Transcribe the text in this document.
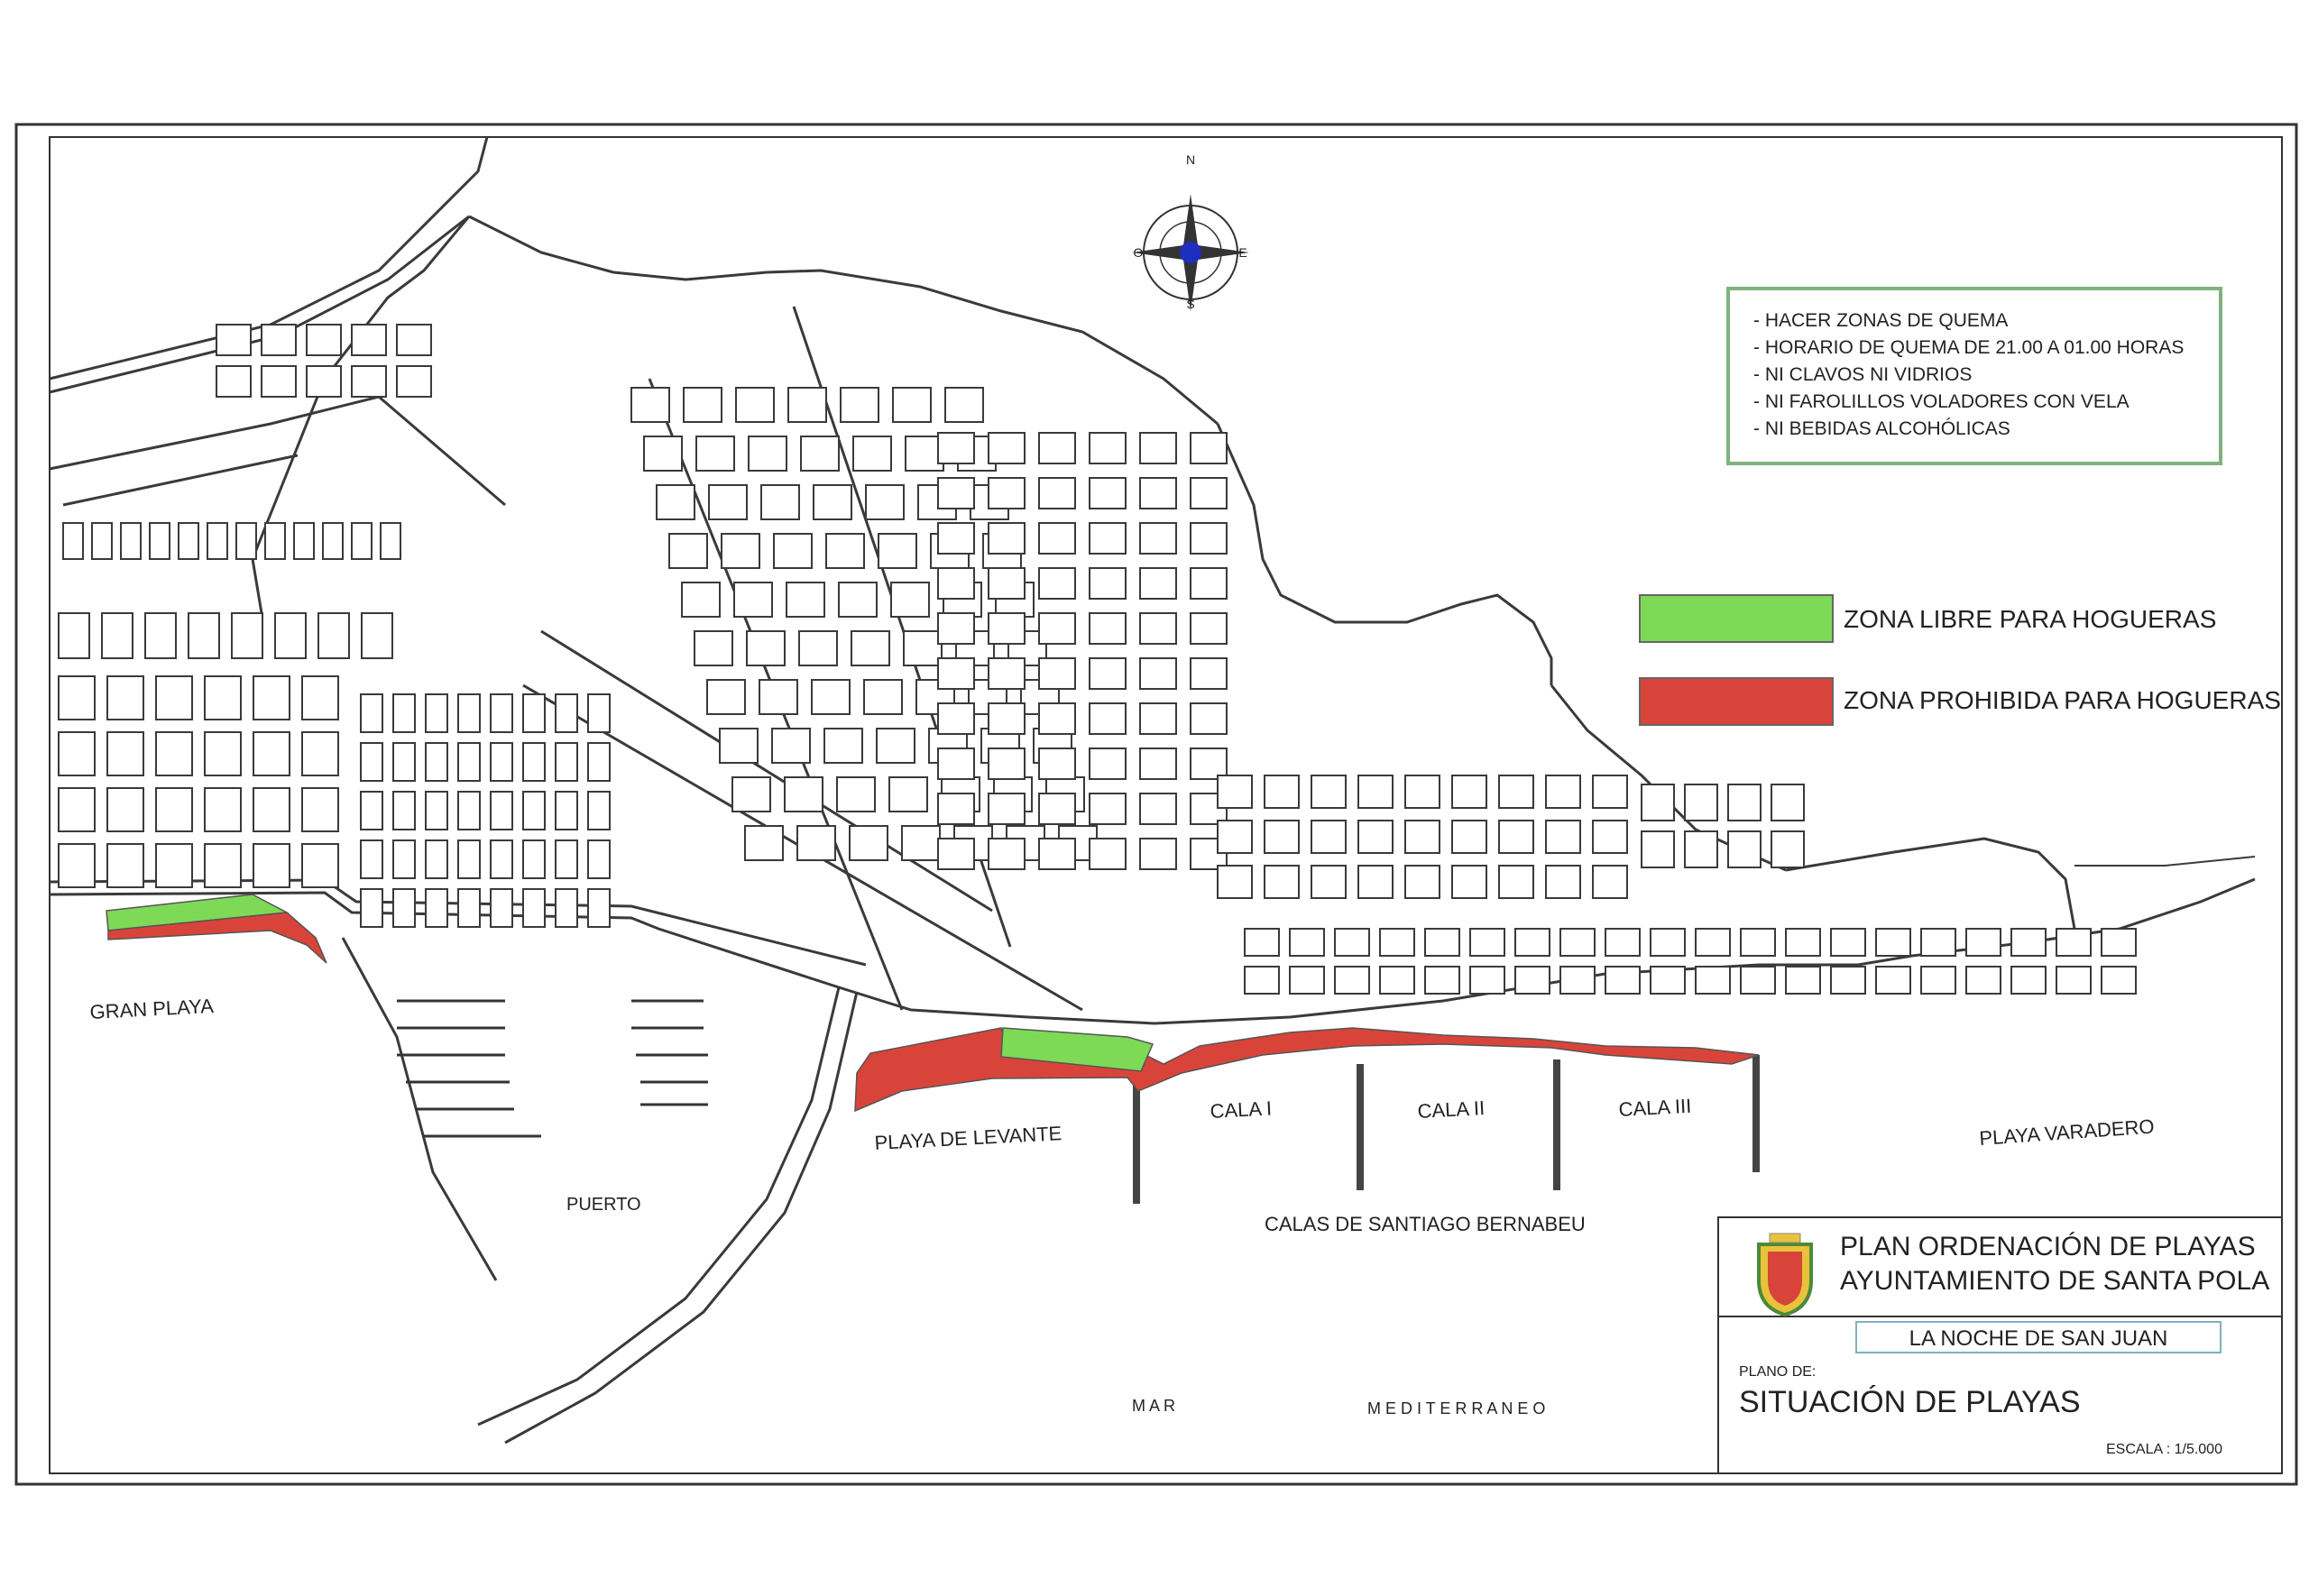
N
S
E
O
- HACER ZONAS DE QUEMA
- HORARIO DE QUEMA DE 21.00 A 01.00 HORAS
- NI CLAVOS NI VIDRIOS
- NI FAROLILLOS VOLADORES CON VELA
- NI BEBIDAS ALCOHÓLICAS
ZONA LIBRE PARA HOGUERAS
ZONA PROHIBIDA PARA HOGUERAS
GRAN PLAYA
PUERTO
PLAYA DE LEVANTE
CALA I	CALA II	CALA III
PLAYA VARADERO
CALAS DE SANTIAGO BERNABEU
M A R	M E D I T E R R A N E O
PLAN ORDENACIÓN DE PLAYAS
AYUNTAMIENTO DE SANTA POLA
LA NOCHE DE SAN JUAN
PLANO DE:
SITUACIÓN DE PLAYAS
ESCALA : 1/5.000
